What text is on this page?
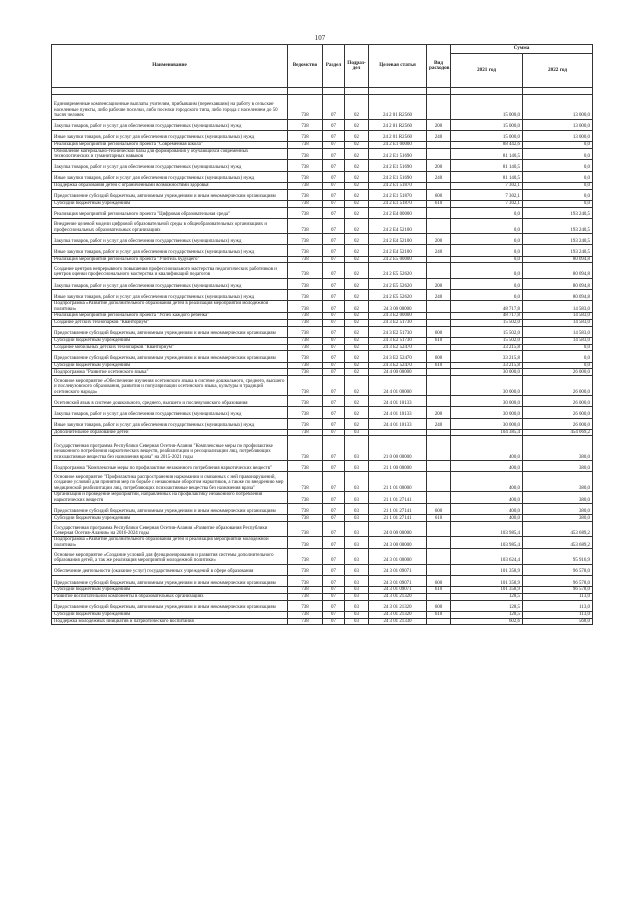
107
Наименование	Ведомство	Раздел	Подраз-дел	Целевая статья	Вид расходов	Сумма	
						2021 год	2022 год

Единовременные компенсационные выплаты учителям, прибывшим (переехавшим) на работу в сельские населенные пункты, либо рабочие поселки, либо поселки городского типа, либо города с населением до 50 тысяч человек	738	07	02	24 2 01 R2560		15 000,0	13 000,0
Закупка товаров, работ и услуг для обеспечения государственных (муниципальных) нужд	738	07	02	24 2 01 R2560	200	15 000,0	13 000,0
Иные закупки товаров, работ и услуг для обеспечения государственных (муниципальных) нужд	738	07	02	24 2 01 R2560	240	15 000,0	13 000,0
Реализация мероприятий регионального проекта "Современная школа"	738	07	02	24 2 E1 00000		88 442,6	0,0
Обновление материально-технической базы для формирования у обучающихся современных технологических и гуманитарных навыков	738	07	02	24 2 E1 51690		81 140,5	0,0
Закупка товаров, работ и услуг для обеспечения государственных (муниципальных) нужд	738	07	02	24 2 E1 51690	200	81 140,5	0,0
Иные закупки товаров, работ и услуг для обеспечения государственных (муниципальных) нужд	738	07	02	24 2 E1 51690	240	81 140,5	0,0
Поддержка образования детей с ограниченными возможностями здоровья	738	07	02	24 2 E1 51870		7 302,1	0,0
Предоставление субсидий бюджетным, автономным учреждениям и иным некоммерческим организациям	738	07	02	24 2 E1 51870	600	7 302,1	0,0
Субсидии бюджетным учреждениям	738	07	02	24 2 E1 51870	610	7 302,1	0,0
Реализация мероприятий регионального проекта "Цифровая образовательная среда"	738	07	02	24 2 E4 00000		0,0	193 240,5
Внедрение целевой модели цифровой образовательной среды в общеобразовательных организациях и профессиональных образовательных организациях	738	07	02	24 2 E4 52100		0,0	193 240,5
Закупка товаров, работ и услуг для обеспечения государственных (муниципальных) нужд	738	07	02	24 2 E4 52100	200	0,0	193 240,5
Иные закупки товаров, работ и услуг для обеспечения государственных (муниципальных) нужд	738	07	02	24 2 E4 52100	240	0,0	193 240,5
Реализация мероприятий регионального проекта "Учитель будущего"	738	07	02	24 2 E5 00000		0,0	80 094,8
Создание центров непрерывного повышения профессионального мастерства педагогических работников и центров оценки профессионального мастерства и квалификаций педагогов	738	07	02	24 2 E5 52620		0,0	80 094,8
Закупка товаров, работ и услуг для обеспечения государственных (муниципальных) нужд	738	07	02	24 2 E5 52620	200	0,0	80 094,8
Иные закупки товаров, работ и услуг для обеспечения государственных (муниципальных) нужд	738	07	02	24 2 E5 52620	240	0,0	80 094,8
Подпрограмма «Развитие дополнительного образования детей в реализация мероприятий молодежной политики»	738	07	02	24 3 00 00000		48 717,8	14 583,0
Реализация мероприятий регионального проекта "Успех каждого ребенка"	738	07	02	24 3 E2 00000		48 717,8	14 583,0
Создание детских технопарков "Кванториум"	738	07	02	24 3 E2 51730		15 502,0	14 583,0
Предоставление субсидий бюджетным, автономным учреждениям и иным некоммерческим организациям	738	07	02	24 3 E2 51730	600	15 502,0	14 583,0
Субсидии бюджетным учреждениям	738	07	02	24 3 E2 51730	610	15 502,0	14 583,0
Создание мобильных детских технопарков "Кванториум"	738	07	02	24 3 E2 52470		33 215,8	0,0
Предоставление субсидий бюджетным, автономным учреждениям и иным некоммерческим организациям	738	07	02	24 3 E2 52470	600	33 215,8	0,0
Субсидии бюджетным учреждениям	738	07	02	24 3 E2 52470	610	33 215,8	0,0
Подпрограмма "Развитие осетинского языка"	738	07	02	24 4 00 00000		30 000,0	26 000,0
Основное мероприятие «Обеспечение изучения осетинского языка в системе дошкольного, среднего, высшего и послевузовского образования, развития и популяризации осетинского языка, культуры и традиций осетинского народа»	738	07	02	24 4 01 00000		30 000,0	26 000,0
Осетинский язык в системе дошкольного, среднего, высшего и послевузовского образования	738	07	02	24 4 01 10133		30 000,0	26 000,0
Закупка товаров, работ и услуг для обеспечения государственных (муниципальных) нужд	738	07	02	24 4 01 10133	200	30 000,0	26 000,0
Иные закупки товаров, работ и услуг для обеспечения государственных (муниципальных) нужд	738	07	02	24 4 01 10133	240	30 000,0	26 000,0
Дополнительное образование детей	738	07	03			104 385,4	454 069,2
Государственная программа Республики Северная Осетия-Алания "Комплексные меры по профилактике незаконного потребления наркотических веществ, реабилитации и ресоциализации лиц, потребляющих психоактивные вещества без назначения врача" на 2015-2021 годы	738	07	03	21 0 00 00000		400,0	380,0
Подпрограмма "Комплексные меры по профилактике незаконного потребления наркотических веществ"	738	07	03	21 1 00 00000		400,0	380,0
Основное мероприятие "Профилактика распространения наркомании и связанных с ней правонарушений, создание условий для принятия мер по борьбе с незаконным оборотом наркотиков, а также по внедрению мер медицинской реабилитации лиц, потребляющих психоактивные вещества без назначения врача"	738	07	03	21 1 01 00000		400,0	380,0
Организация и проведение мероприятий, направленных на профилактику незаконного потребления наркотических веществ	738	07	03	21 1 01 27141		400,0	380,0
Предоставление субсидий бюджетным, автономным учреждениям и иным некоммерческим организациям	738	07	03	21 1 01 27141	600	400,0	380,0
Субсидии бюджетным учреждениям	738	07	03	21 1 01 27141	610	400,0	380,0
Государственная программа Республики Северная Осетия-Алания «Развитие образования Республики Северная Осетия-Алания» на 2016-2024 годы	738	07	03	24 0 00 00000		103 985,4	453 689,2
Подпрограмма «Развитие дополнительного образования детей и реализация мероприятий молодежной политики»	738	07	03	24 3 00 00000		103 985,4	453 689,2
Основное мероприятие «Создание условий для функционирования и развития системы дополнительного образования детей, а так же реализация мероприятий молодежной политики»	738	07	03	24 3 01 00000		103 624,4	95 916,9
Обеспечение деятельности (оказание услуг) государственных учреждений в сфере образования	738	07	03	24 3 01 09071		101 358,9	96 578,0
Предоставление субсидий бюджетным, автономным учреждениям и иным некоммерческим организациям	738	07	03	24 3 01 09071	600	101 358,9	96 578,0
Субсидии бюджетным учреждениям	738	07	03	24 3 01 09071	610	101 358,9	96 578,0
Развитие воспитательной компоненты в образовательных организациях	738	07	03	24 3 01 21320		128,5	113,0
Предоставление субсидий бюджетным, автономным учреждениям и иным некоммерческим организациям	738	07	03	24 3 01 21320	600	128,5	113,0
Субсидии бюджетным учреждениям	738	07	03	24 3 01 21320	610	128,5	113,0
Поддержка молодежных инициатив и патриотического воспитания	738	07	03	24 3 01 21330		602,6	568,0
